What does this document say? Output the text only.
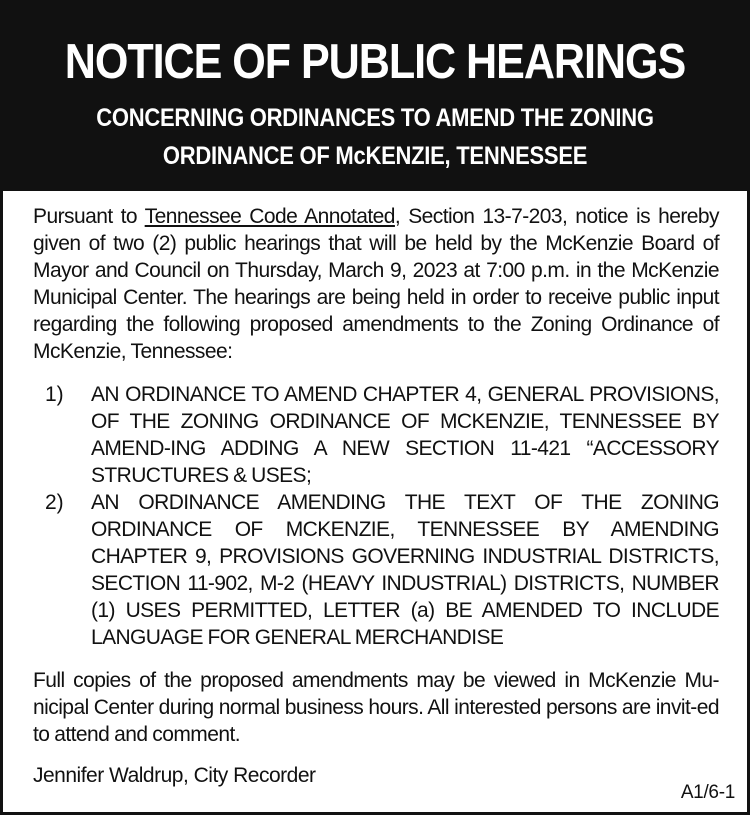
NOTICE OF PUBLIC HEARINGS
CONCERNING ORDINANCES TO AMEND THE ZONING
ORDINANCE OF McKENZIE, TENNESSEE

Pursuant to Tennessee Code Annotated, Section 13-7-203, notice is hereby given of two (2) public hearings that will be held by the McKenzie Board of Mayor and Council on Thursday, March 9, 2023 at 7:00 p.m. in the McKenzie Municipal Center. The hearings are being held in order to receive public input regarding the following proposed amendments to the Zoning Ordinance of McKenzie, Tennessee:

1)	AN ORDINANCE TO AMEND CHAPTER 4, GENERAL PROVISIONS, OF THE ZONING ORDINANCE OF MCKENZIE, TENNESSEE BY AMEND-ING ADDING A NEW SECTION 11-421 “ACCESSORY STRUCTURES & USES;
2)	AN ORDINANCE AMENDING THE TEXT OF THE ZONING ORDINANCE OF MCKENZIE, TENNESSEE BY AMENDING CHAPTER 9, PROVISIONS GOVERNING INDUSTRIAL DISTRICTS, SECTION 11-902, M-2 (HEAVY INDUSTRIAL) DISTRICTS, NUMBER (1) USES PERMITTED, LETTER (a) BE AMENDED TO INCLUDE LANGUAGE FOR GENERAL MERCHANDISE

Full copies of the proposed amendments may be viewed in McKenzie Mu-nicipal Center during normal business hours. All interested persons are invit-ed to attend and comment.

Jennifer Waldrup, City Recorder

A1/6-1
